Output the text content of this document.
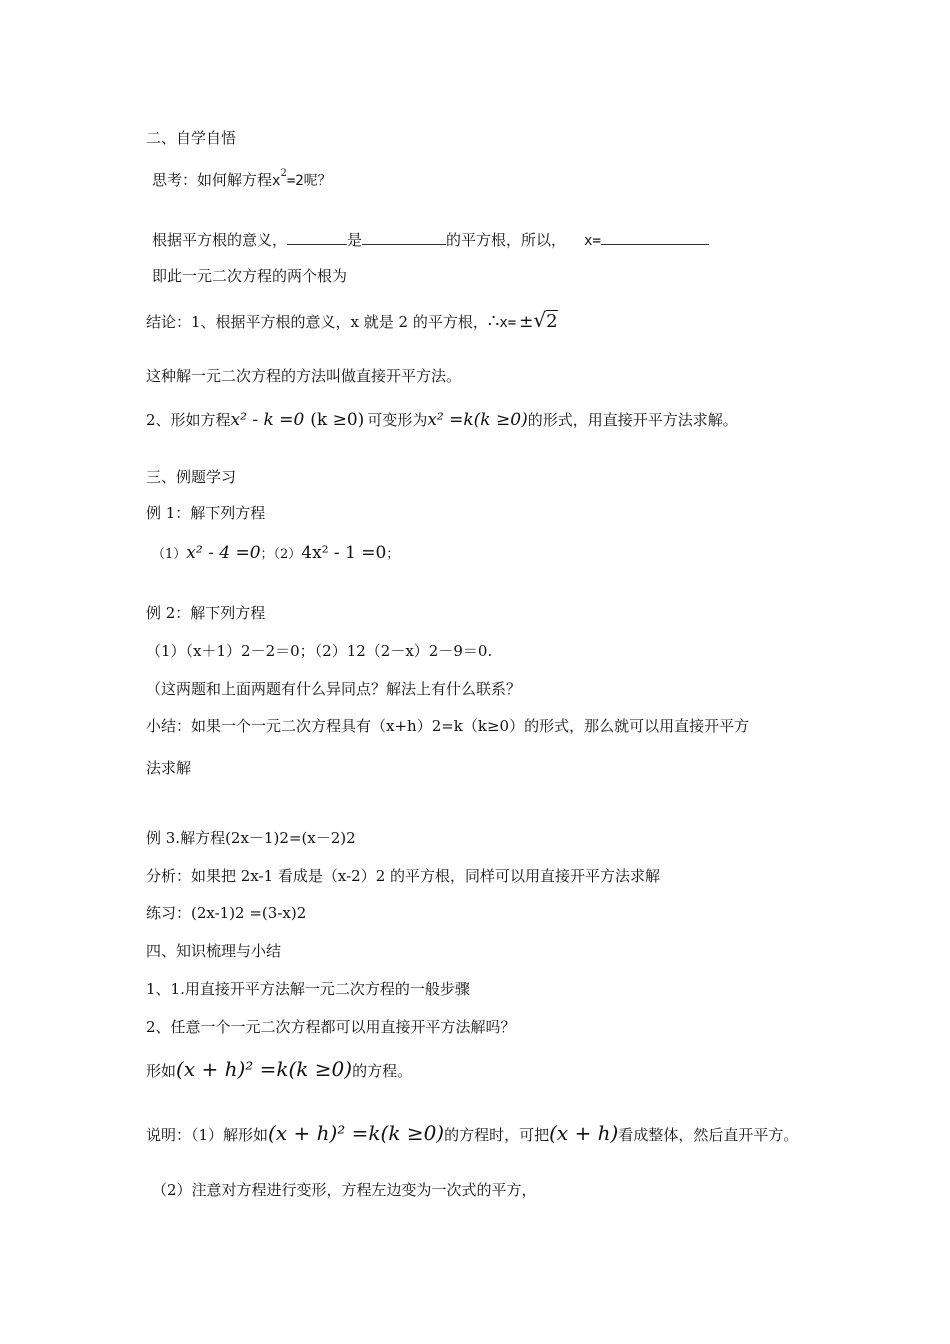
二、自学自悟
思考：如何解方程$x^2=2$呢？
根据平方根的意义，	是	的平方根，所以， x=
即此一元二次方程的两个根为
结论：1、根据平方根的意义，x 就是 2 的平方根，∴x= ±√2
这种解一元二次方程的方法叫做直接开平方法。
2、形如方程x² - k =0 (k ≥0) 可变形为x² =k(k ≥0)的形式，用直接开平方法求解。
三、例题学习
例 1：解下列方程
（1）x² - 4 =0；（2）4x² - 1 =0；
例 2：解下列方程
（1）（x＋1）2－2＝0；（2）12（2－x）2－9＝0.
（这两题和上面两题有什么异同点？解法上有什么联系？
小结：如果一个一元二次方程具有（x+h）2=k（k≥0）的形式，那么就可以用直接开平方
法求解
例 3.解方程(2x－1)2=(x－2)2
分析：如果把 2x-1 看成是（x-2）2 的平方根，同样可以用直接开平方法求解
练习：(2x-1)2 =(3-x)2
四、知识梳理与小结
1、1.用直接开平方法解一元二次方程的一般步骤
2、任意一个一元二次方程都可以用直接开平方法解吗？
形如(x + h)² =k(k ≥0)的方程。
说明：（1）解形如(x + h)² =k(k ≥0)的方程时，可把(x + h)看成整体，然后直开平方。
（2）注意对方程进行变形，方程左边变为一次式的平方，
